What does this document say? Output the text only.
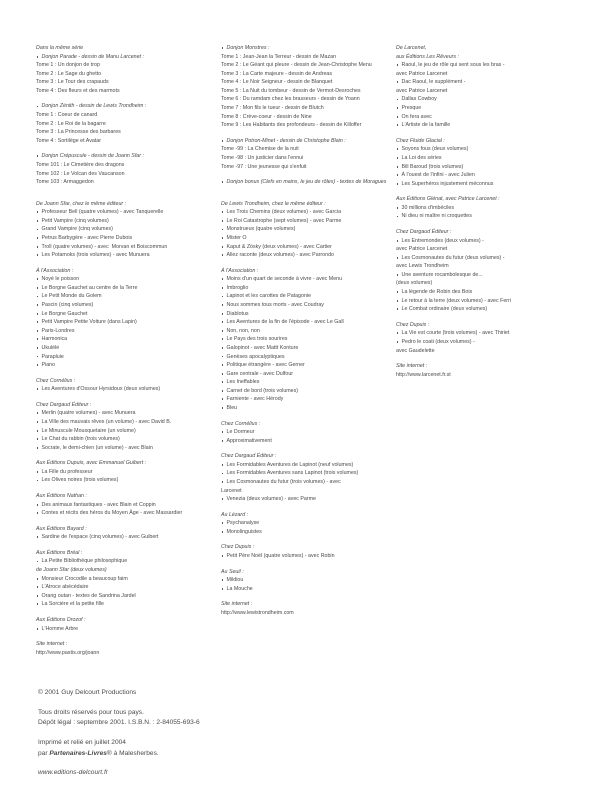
Dans la même série
Donjon Parade - dessin de Manu Larcenet :
Tome 1 : Un donjon de trop
Tome 2 : Le Sage du ghetto
Tome 3 : Le Tour des crapauds
Tome 4 : Des fleurs et des marmots
Donjon Zénith - dessin de Lewis Trondheim :
Tome 1 : Coeur de canard
Tome 2 : Le Roi de la bagarre
Tome 3 : La Princesse des barbares
Tome 4 : Sortilège et Avatar
Donjon Crépuscule - dessin de Joann Sfar :
Tome 101 : Le Cimetière des dragons
Tome 102 : Le Volcan des Vaucanson
Tome 103 : Armaggedon
De Joann Sfar, chez le même éditeur :
Professeur Bell (quatre volumes) - avec Tanquerelle
Petit Vampire (cinq volumes)
Grand Vampire (cinq volumes)
Petrus Barbygère - avec Pierre Dubois
Troll (quatre volumes) - avec  Morvan et Boiscommun
Les Potamoks (trois volumes) - avec Munuera
À l'Association :
Noyé le poisson
Le Borgne Gauchet au centre de la Terre
Le Petit Monde du Golem
Pascin (cinq volumes)
Le Borgne Gauchet
Petit Vampire Petite Voiture (dans Lapin)
Paris-Londres
Harmonica
Ukulélé
Parapluie
Piano
Chez Cornélius :
Les Aventures d'Ossour Hyrsidoux (deux volumes)
Chez Dargaud Éditeur :
Merlin (quatre volumes) - avec Munuera
La Ville des mauvais rêves (un volume) - avec David B.
Le Minuscule Mousquetaire (un volume)
Le Chat du rabbin (trois volumes)
Socrate, le demi-chien (un volume) - avec Blain
Aux Éditions Dupuis, avec Emmanuel Guibert :
La Fille du professeur
Les Olives noires (trois volumes)
Aux Éditions Nathan :
Des animaux fantastiques - avec Blain et Coppin
Contes et récits des héros du Moyen Âge - avec Massardier
Aux Éditions Bayard :
Sardine de l'espace (cinq volumes) - avec Guibert
Aux Éditions Bréal :
La Petite Bibliothèque philosophique
de Joann Sfar (deux volumes)
Monsieur Crocodile a beaucoup faim
L'Atroce abécédaire
Orang outan - textes de Sandrina Jardel
La Sorcière et la petite fille
Aux Éditions Drozof :
L'Homme Arbre
Site internet :
http://www.pastis.org/joann
Donjon Monstres :
Tome 1 : Jean-Jean la Terreur - dessin de Mazan
Tome 2 : Le Géant qui pleure - dessin de Jean-Christophe Menu
Tome 3 : La Carte majeure - dessin de Andreas
Tome 4 : Le Noir Seigneur - dessin de Blanquet
Tome 5 : La Nuit du tombeur - dessin de Vermot-Desroches
Tome 6 : Du ramdam chez les brasseurs - dessin de Yoann
Tome 7 : Mon fils le tueur - dessin de Blutch
Tome 8 : Crève-coeur - dessin de Nine
Tome 9 : Les Habitants des profondeurs - dessin de Killoffer
Donjon Potron-Minet - dessin de Christophe Blain :
Tome -99 : La Chemise de la nuit
Tome -98 : Un justicier dans l'ennui
Tome -97 : Une jeunesse qui s'enfuit
Donjon bonus (Clefs en mains, le jeu de rôles) - textes de Moragues
De Lewis Trondheim, chez le même éditeur :
Les Trois Chemins (deux volumes) - avec Garcia
Le Roi Catastrophe (sept volumes) - avec Parme
Monstrueux (quatre volumes)
Mister O
Kaput & Zösky (deux volumes) - avec Cartier
Allez raconte (deux volumes) - avec Parrondo
À l'Association :
Moins d'un quart de seconde à vivre - avec Menu
Imbroglio
Lapinot et les carottes de Patagonie
Nous sommes tous morts - avec Coudray
Diablotus
Les Aventures de la fin de l'épisode - avec Le Gall
Non, non, non
Le Pays des trois sourires
Galopinot - avec Mattt Konture
Genèses apocalyptiques
Politique étrangère - avec Gerner
Gare centrale - avec Dulfour
Les Ineffables
Carnet de bord (trois volumes)
Farniente - avec Hérody
Bleu
Chez Cornélius :
Le Dormeur
Approximativement
Chez Dargaud Éditeur :
Les Formidables Aventures de Lapinot (neuf volumes)
Les Formidables Aventures sans Lapinot (trois volumes)
Les Cosmonautes du futur (trois volumes) - avec
Larcenet
Venezia (deux volumes) - avec Parme
Au Lézard :
Psychanalyse
Monolinguistes
Chez Dupuis :
Petit Père Noël (quatre volumes) - avec Robin
Au Seuil :
Mildiou
La Mouche
Site internet :
http://www.lewistrondheim.com
De Larcenet,
aux Éditions Les Rêveurs :
Raoul, le jeu de rôle qui sent sous les bras -
avec Patrice Larcenet
Dac Raoul, le supplément -
avec Patrice Larcenet
Dallas Cowboy
Presque
On fera avec
L'Artiste de la famille
Chez Fluide Glacial :
Soyons fous (deux volumes)
La Loi des séries
Bill Baroud (trois volumes)
À l'ouest de l'infini - avec Julien
Les Superhéros injustement méconnus
Aux Éditions Glénat, avec Patrice Larcenet :
30 millions d'imbéciles
Ni dieu ni maître ni croquettes
Chez Dargaud Éditeur :
Les Entremondes (deux volumes) -
avec Patrice Larcenet
Les Cosmonautes du futur (deux volumes) -
avec Lewis Trondheim
Une aventure rocambolesque de...
(deux volumes)
La légende de Robin des Bois
Le retour à la terre (deux volumes) - avec Ferri
Le Combat ordinaire (deux volumes)
Chez Dupuis :
La Vie est courte (trois volumes) - avec Thiriet
Pedro le coati (deux volumes) -
avec Gaudelette
Site internet :
http://www.larcenet.fr.st
© 2001 Guy Delcourt Productions
Tous droits réservés pour tous pays.
Dépôt légal : septembre 2001. I.S.B.N. : 2-84055-693-6
Imprimé et relié en juillet 2004
par Partenaires-Livres® à Malesherbes.
www.editions-delcourt.fr
